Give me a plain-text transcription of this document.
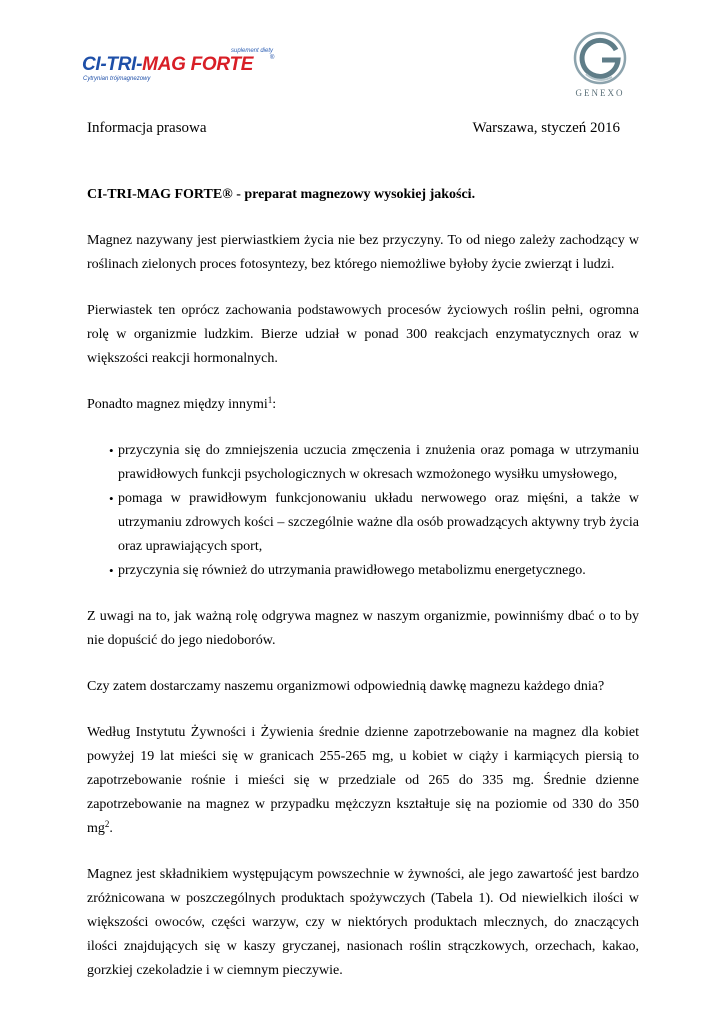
suplement diety
CI-TRI-MAG FORTE	®
Cytrynian trójmagnezowy
GENEXO
Informacja prasowa	Warszawa, styczeń 2016

CI-TRI-MAG FORTE® - preparat magnezowy wysokiej jakości.

Magnez nazywany jest pierwiastkiem życia nie bez przyczyny. To od niego zależy zachodzący w roślinach zielonych proces fotosyntezy, bez którego niemożliwe byłoby życie zwierząt i ludzi.

Pierwiastek ten oprócz zachowania podstawowych procesów życiowych roślin pełni, ogromna rolę w organizmie ludzkim. Bierze udział w ponad 300 reakcjach enzymatycznych oraz w większości reakcji hormonalnych.

Ponadto magnez między innymi$^1$:

• przyczynia się do zmniejszenia uczucia zmęczenia i znużenia oraz pomaga w utrzymaniu prawidłowych funkcji psychologicznych w okresach wzmożonego wysiłku umysłowego,
• pomaga w prawidłowym funkcjonowaniu układu nerwowego oraz mięśni, a także w utrzymaniu zdrowych kości – szczególnie ważne dla osób prowadzących aktywny tryb życia oraz uprawiających sport,
• przyczynia się również do utrzymania prawidłowego metabolizmu energetycznego.

Z uwagi na to, jak ważną rolę odgrywa magnez w naszym organizmie, powinniśmy dbać o to by nie dopuścić do jego niedoborów.

Czy zatem dostarczamy naszemu organizmowi odpowiednią dawkę magnezu każdego dnia?

Według Instytutu Żywności i Żywienia średnie dzienne zapotrzebowanie na magnez dla kobiet powyżej 19 lat mieści się w granicach 255-265 mg, u kobiet w ciąży i karmiących piersią to zapotrzebowanie rośnie i mieści się w przedziale od 265 do 335 mg. Średnie dzienne zapotrzebowanie na magnez w przypadku mężczyzn kształtuje się na poziomie od 330 do 350 $mg^2$.

Magnez jest składnikiem występującym powszechnie w żywności, ale jego zawartość jest bardzo zróżnicowana w poszczególnych produktach spożywczych (Tabela 1). Od niewielkich ilości w większości owoców, części warzyw, czy w niektórych produktach mlecznych, do znaczących ilości znajdujących się w kaszy gryczanej, nasionach roślin strączkowych, orzechach, kakao, gorzkiej czekoladzie i w ciemnym pieczywie.
